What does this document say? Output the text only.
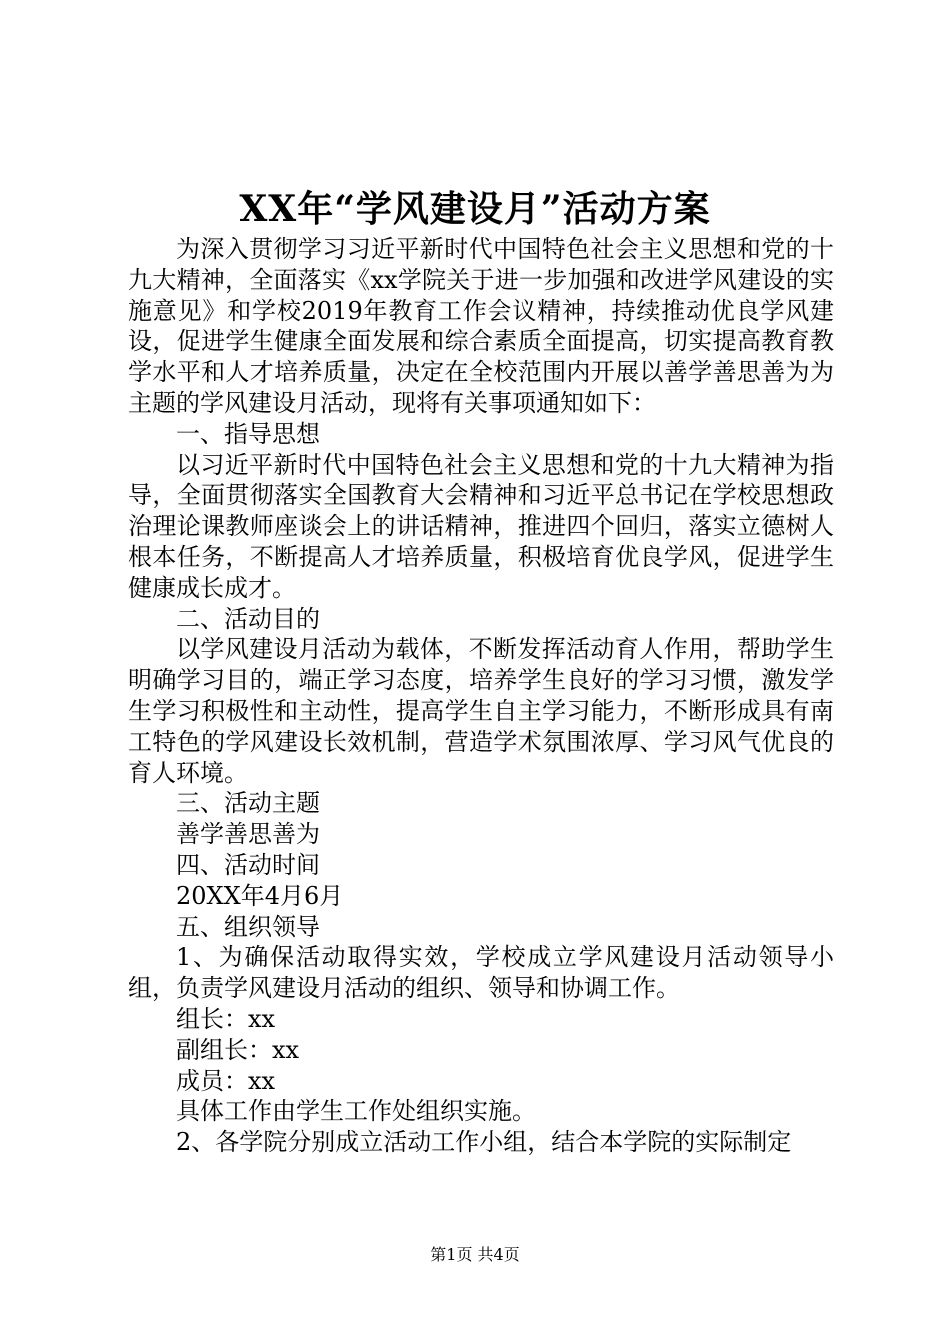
XX年“学风建设月”活动方案

为深入贯彻学习习近平新时代中国特色社会主义思想和党的十九大精神，全面落实《xx学院关于进一步加强和改进学风建设的实施意见》和学校2019年教育工作会议精神，持续推动优良学风建设，促进学生健康全面发展和综合素质全面提高，切实提高教育教学水平和人才培养质量，决定在全校范围内开展以善学善思善为为主题的学风建设月活动，现将有关事项通知如下：

一、指导思想

以习近平新时代中国特色社会主义思想和党的十九大精神为指导，全面贯彻落实全国教育大会精神和习近平总书记在学校思想政治理论课教师座谈会上的讲话精神，推进四个回归，落实立德树人根本任务，不断提高人才培养质量，积极培育优良学风，促进学生健康成长成才。

二、活动目的

以学风建设月活动为载体，不断发挥活动育人作用，帮助学生明确学习目的，端正学习态度，培养学生良好的学习习惯，激发学生学习积极性和主动性，提高学生自主学习能力，不断形成具有南工特色的学风建设长效机制，营造学术氛围浓厚、学习风气优良的育人环境。

三、活动主题

善学善思善为

四、活动时间

20XX年4月6月

五、组织领导

1、为确保活动取得实效，学校成立学风建设月活动领导小组，负责学风建设月活动的组织、领导和协调工作。

组长：xx

副组长：xx

成员：xx

具体工作由学生工作处组织实施。

2、各学院分别成立活动工作小组，结合本学院的实际制定

第1页 共4页
